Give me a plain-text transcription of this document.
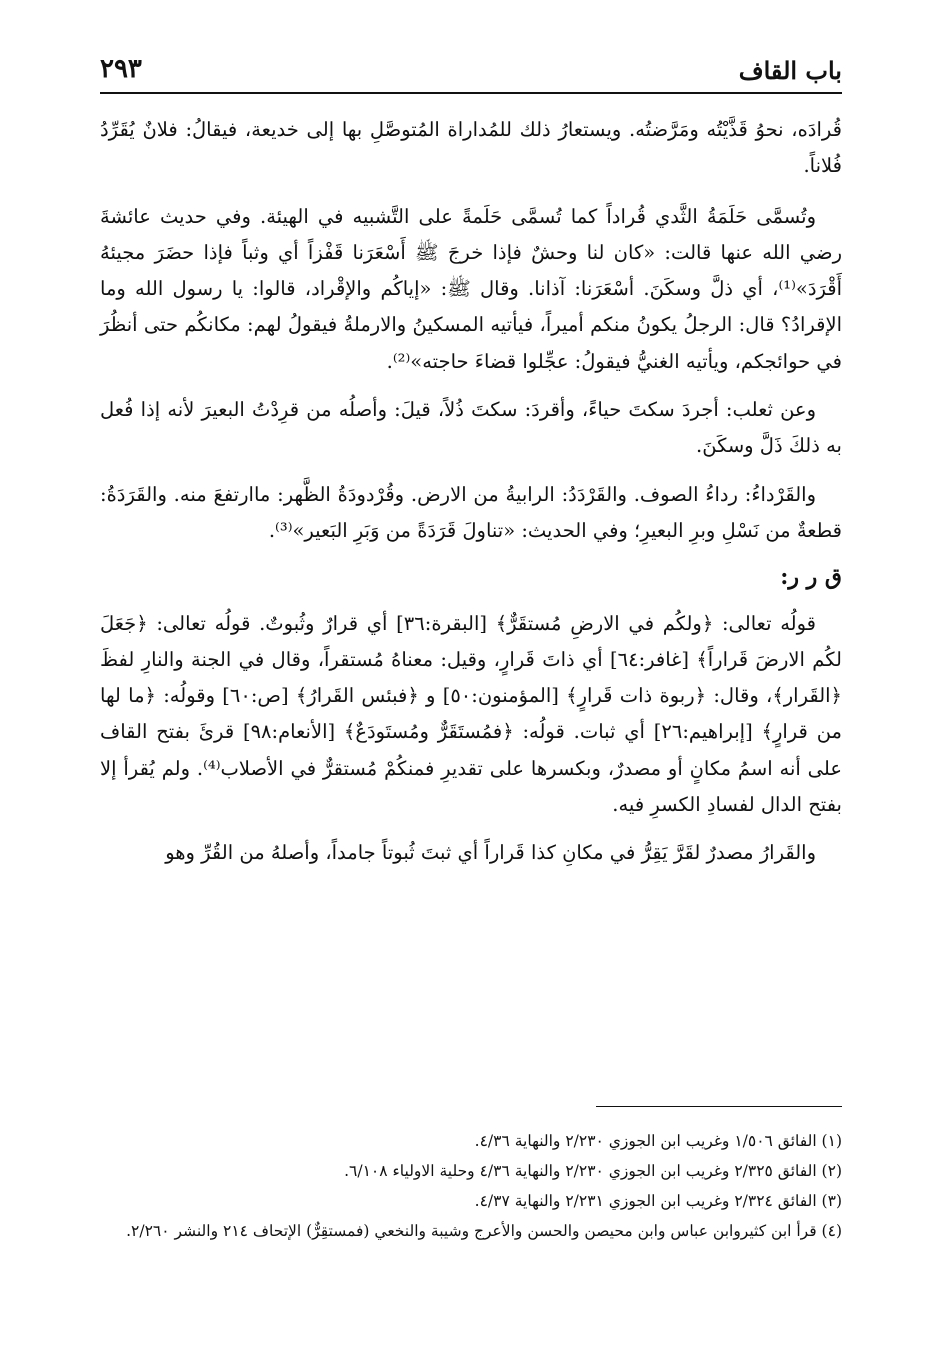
باب القاف
٢٩٣

قُرادَه، نحوُ قَذَّيْتُه ومَرَّضتُه. ويستعارُ ذلك للمُداراة المُتوصَّلِ بها إلى خديعة، فيقالُ: فلانٌ يُقَرِّدُ فُلاناً.

وتُسمَّى حَلَمَةُ الثَّدي قُراداً كما تُسمَّى حَلَمةً على التَّشبيه في الهيئة. وفي حديث عائشةَ رضي الله عنها قالت: «كان لنا وحشٌ فإذا خرجَ ﷺ أَسْعَرَنا قَفْزاً أي وثباً فإذا حضَرَ مجيئهُ أَقْرَدَ»⁽¹⁾، أي ذلَّ وسكَنَ. أسْعَرَنا: آذانا. وقال ﷺ: «إياكُم والإقْراد، قالوا: يا رسول الله وما الإقرادُ؟ قال: الرجلُ يكونُ منكم أميراً، فيأتيه المسكينُ والارملةُ فيقولُ لهم: مكانكُم حتى أنظُرَ في حوائجكم، ويأتيه الغنيُّ فيقولُ: عجِّلوا قضاءَ حاجته»⁽²⁾.

وعن ثعلب: أجردَ سكتَ حياءً، وأقردَ: سكتَ ذُلاً، قيلَ: وأصلُه من قرِدْتُ البعيرَ لأنه إذا فُعل به ذلكَ ذَلَّ وسكَنَ.

والقَرْداءُ: رداءُ الصوف. والقَرْدَدُ: الرابيةُ من الارض. وقُرْدودَةُ الظَّهر: ماارتفعَ منه. والقَرَدَةُ: قطعةٌ من نَسْلِ وبرِ البعيرِ؛ وفي الحديث: «تناولَ قَرَدَةً من وَبَرِ البَعير»⁽³⁾.

ق ر ر:

قولُه تعالى: ﴿ولكُم في الارضِ مُستقَرٌّ﴾ [البقرة:٣٦] أي قرارٌ وثُبوتٌ. قولُه تعالى: ﴿جَعَلَ لكُم الارضَ قَراراً﴾ [غافر:٦٤] أي ذاتَ قَرارٍ، وقيل: معناهُ مُستقراً، وقال في الجنة والنارِ لفظَ ﴿القَرار﴾، وقال: ﴿ربوة ذات قَرارٍ﴾ [المؤمنون:٥٠] و ﴿فبئس القَرارُ﴾ [ص:٦٠] وقولُه: ﴿ما لها من قرارٍ﴾ [إبراهيم:٢٦] أي ثبات. قولُه: ﴿فمُستَقَرٌّ ومُستَودَعٌ﴾ [الأنعام:٩٨] قرئَ بفتح القاف على أنه اسمُ مكانٍ أو مصدرٌ، وبكسرها على تقديرِ فمنكُمْ مُستقرٌّ في الأصلاب⁽⁴⁾. ولم يُقرأ إلا بفتح الدال لفسادِ الكسرِ فيه.

والقَرارُ مصدرٌ لقَرَّ يَقِرُّ في مكانِ كذا قَراراً أي ثبتَ ثُبوتاً جامداً، وأصلهُ من القُرِّ وهو

(١) الفائق ١/٥٠٦ وغريب ابن الجوزي ٢/٢٣٠ والنهاية ٤/٣٦.

(٢) الفائق ٢/٣٢٥ وغريب ابن الجوزي ٢/٢٣٠ والنهاية ٤/٣٦ وحلية الاولياء ٦/١٠٨.

(٣) الفائق ٢/٣٢٤ وغريب ابن الجوزي ٢/٢٣١ والنهاية ٤/٣٧.

(٤) قرأ ابن كثيروابن عباس وابن محيصن والحسن والأعرج وشيبة والنخعي (فمستقِرٌّ) الإتحاف ٢١٤ والنشر ٢/٢٦٠.
